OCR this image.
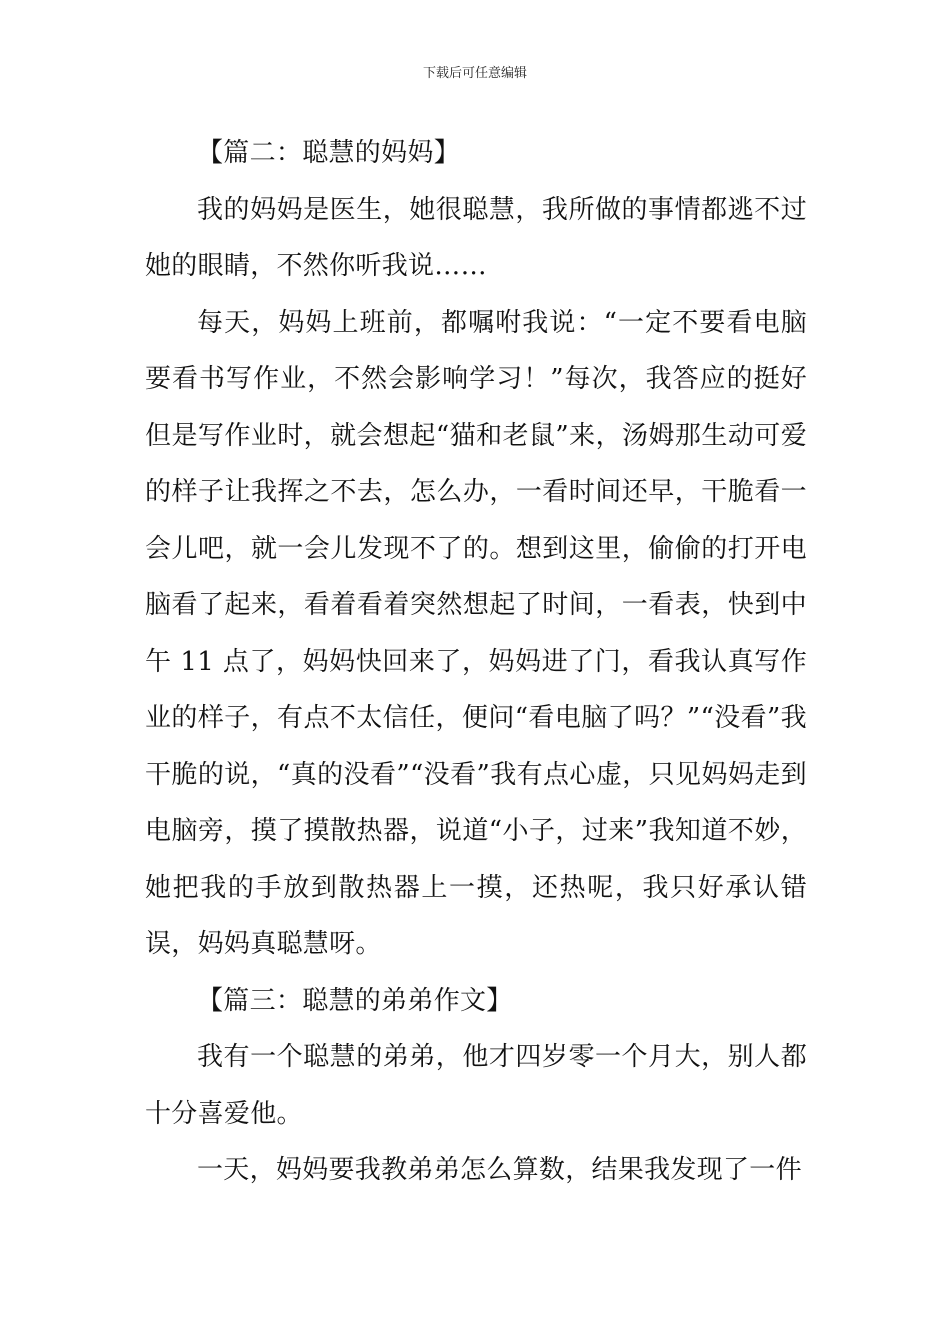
下载后可任意编辑

【篇二：聪慧的妈妈】

我的妈妈是医生，她很聪慧，我所做的事情都逃不过她的眼睛，不然你听我说……

每天，妈妈上班前，都嘱咐我说：“一定不要看电脑要看书写作业，不然会影响学习！”每次，我答应的挺好但是写作业时，就会想起“猫和老鼠”来，汤姆那生动可爱的样子让我挥之不去，怎么办，一看时间还早，干脆看一会儿吧，就一会儿发现不了的。想到这里，偷偷的打开电脑看了起来，看着看着突然想起了时间，一看表，快到中午 11 点了，妈妈快回来了，妈妈进了门，看我认真写作业的样子，有点不太信任，便问“看电脑了吗？”“没看”我干脆的说，“真的没看”“没看”我有点心虚，只见妈妈走到电脑旁，摸了摸散热器，说道“小子，过来”我知道不妙，她把我的手放到散热器上一摸，还热呢，我只好承认错误，妈妈真聪慧呀。

【篇三：聪慧的弟弟作文】

我有一个聪慧的弟弟，他才四岁零一个月大，别人都十分喜爱他。

一天，妈妈要我教弟弟怎么算数，结果我发现了一件
